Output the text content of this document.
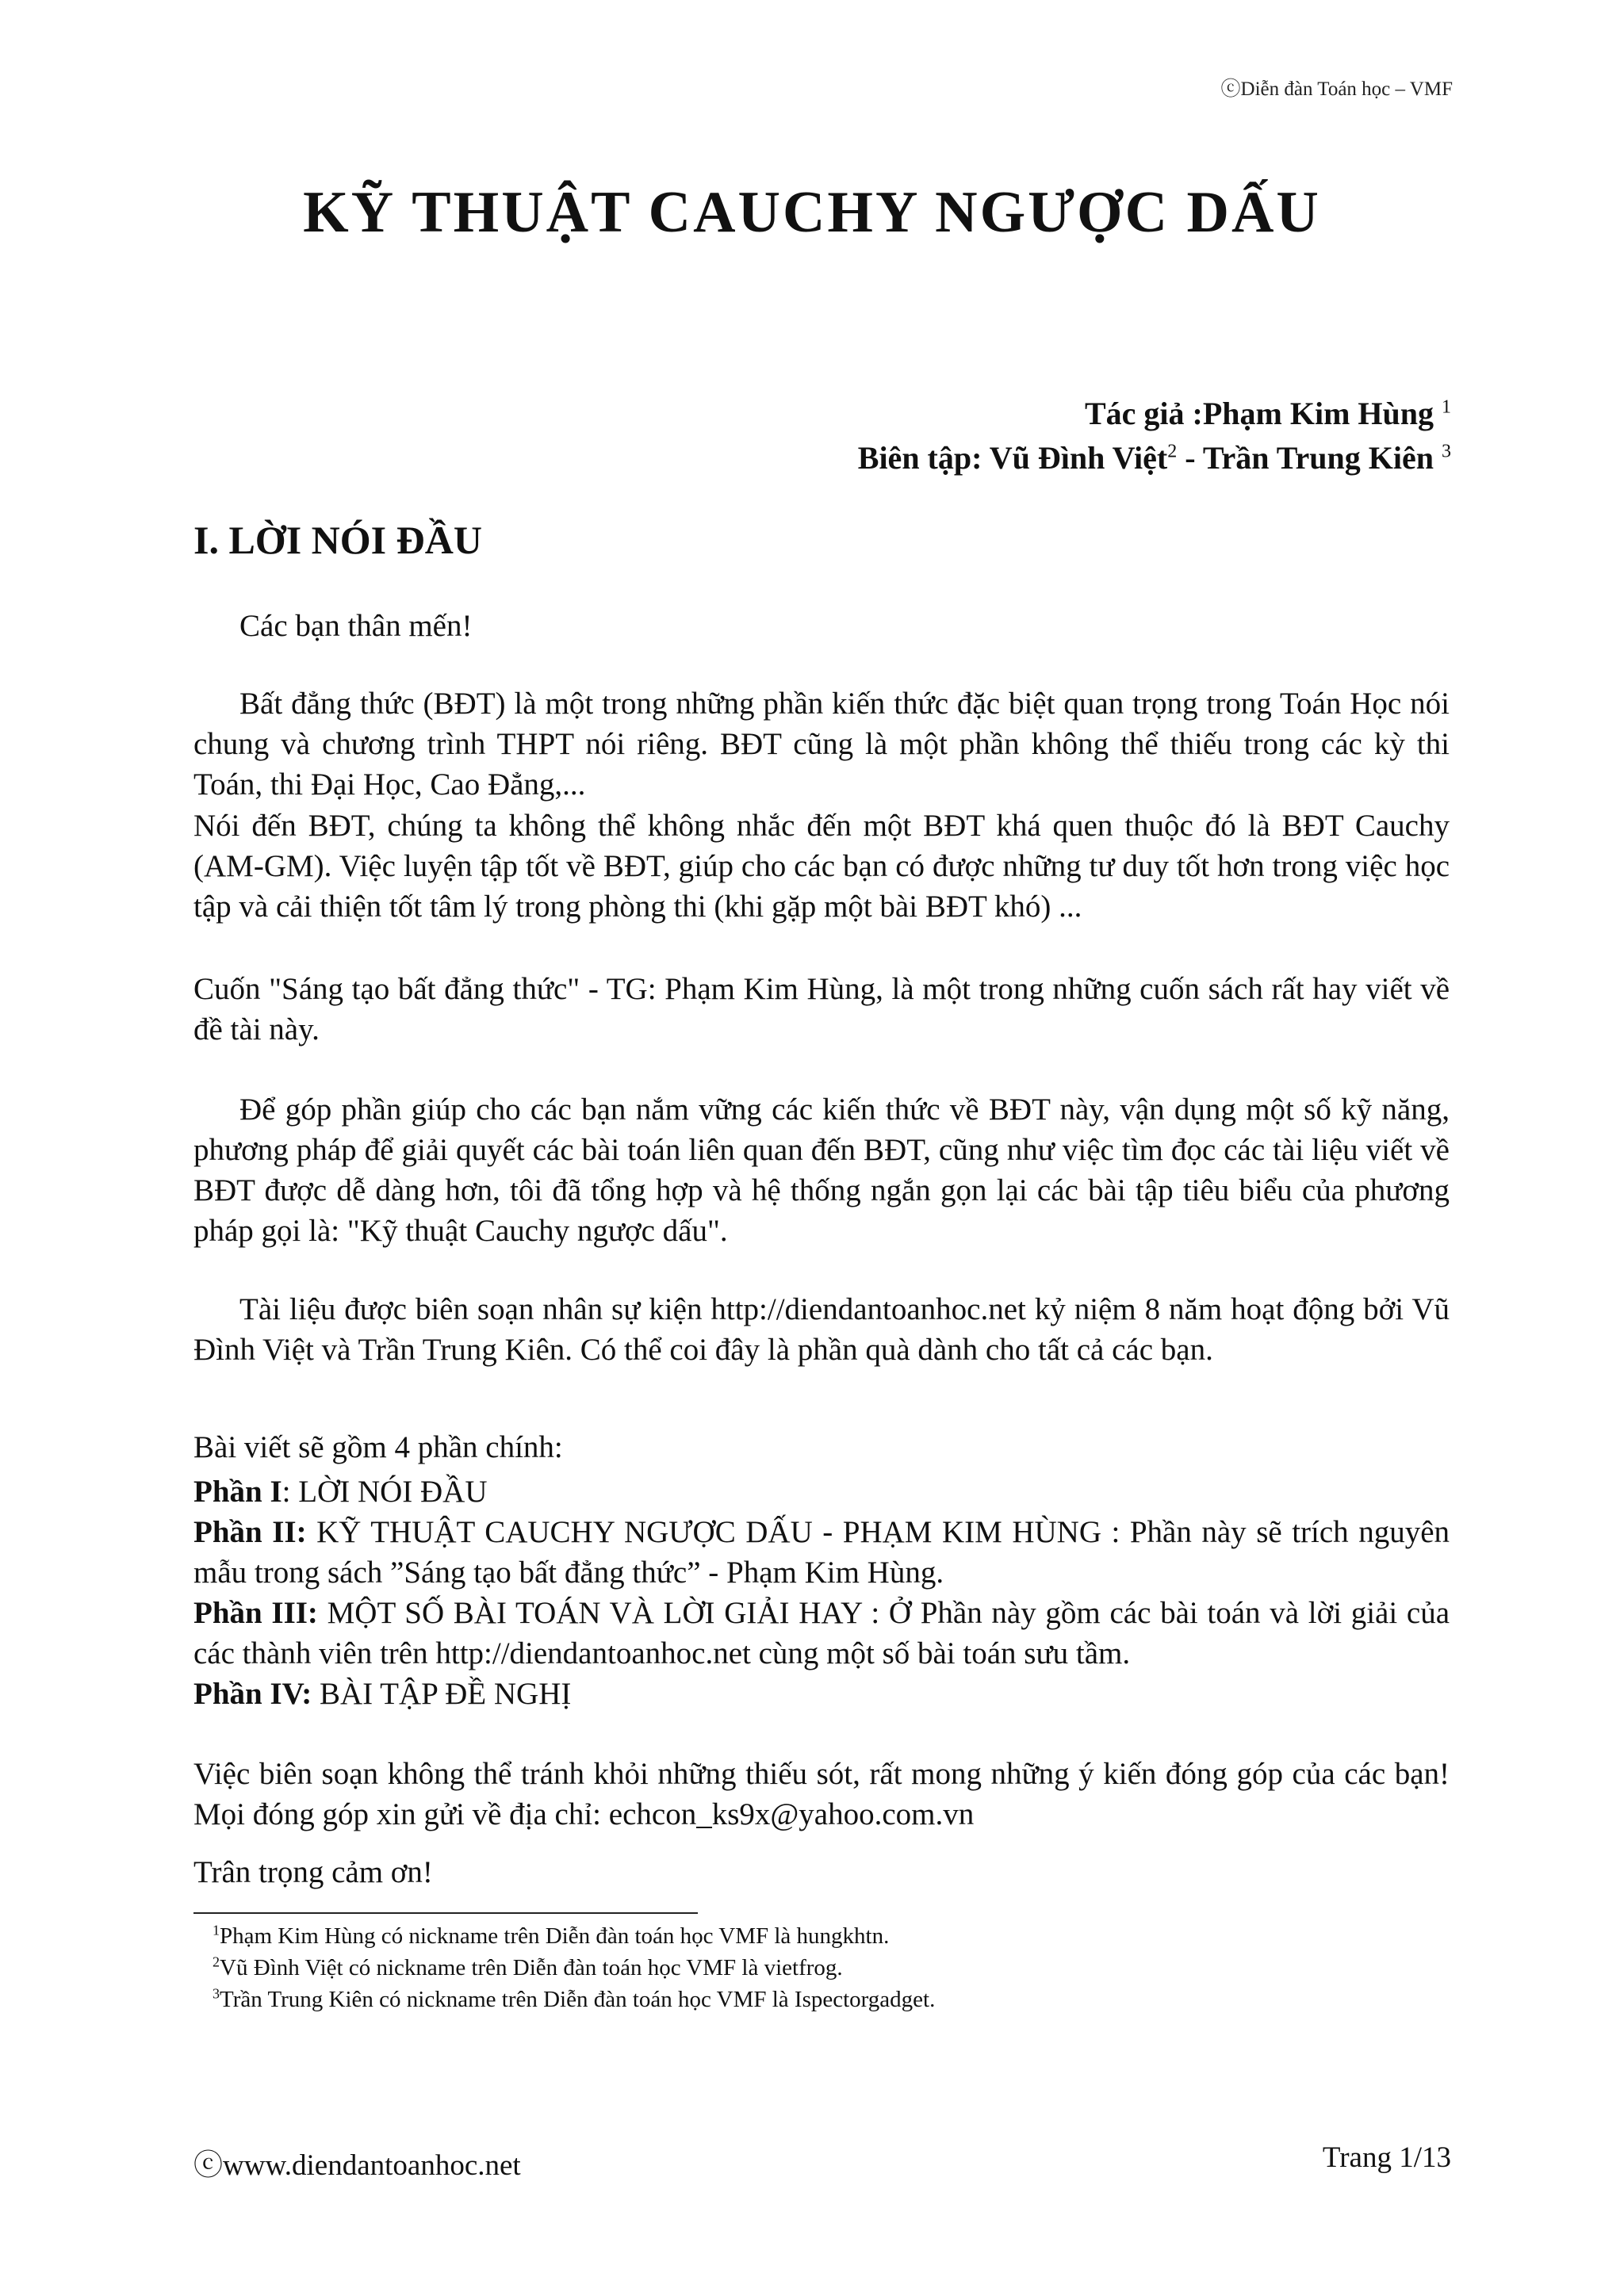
ⓒDiễn đàn Toán học – VMF
KỸ THUẬT CAUCHY NGƯỢC DẤU
Tác giả :Phạm Kim Hùng $^1$
Biên tập: Vũ Đình Việt$^2$ - Trần Trung Kiên $^3$
I. LỜI NÓI ĐẦU

Các bạn thân mến!

Bất đẳng thức (BĐT) là một trong những phần kiến thức đặc biệt quan trọng trong Toán Học nói chung và chương trình THPT nói riêng. BĐT cũng là một phần không thể thiếu trong các kỳ thi Toán, thi Đại Học, Cao Đẳng,...

Nói đến BĐT, chúng ta không thể không nhắc đến một BĐT khá quen thuộc đó là BĐT Cauchy (AM-GM). Việc luyện tập tốt về BĐT, giúp cho các bạn có được những tư duy tốt hơn trong việc học tập và cải thiện tốt tâm lý trong phòng thi (khi gặp một bài BĐT khó) ...

Cuốn "Sáng tạo bất đẳng thức" - TG: Phạm Kim Hùng, là một trong những cuốn sách rất hay viết về đề tài này.

Để góp phần giúp cho các bạn nắm vững các kiến thức về BĐT này, vận dụng một số kỹ năng, phương pháp để giải quyết các bài toán liên quan đến BĐT, cũng như việc tìm đọc các tài liệu viết về BĐT được dễ dàng hơn, tôi đã tổng hợp và hệ thống ngắn gọn lại các bài tập tiêu biểu của phương pháp gọi là: "Kỹ thuật Cauchy ngược dấu".

Tài liệu được biên soạn nhân sự kiện http://diendantoanhoc.net kỷ niệm 8 năm hoạt động bởi Vũ Đình Việt và Trần Trung Kiên. Có thể coi đây là phần quà dành cho tất cả các bạn.

Bài viết sẽ gồm 4 phần chính:

Phần I: LỜI NÓI ĐẦU

Phần II: KỸ THUẬT CAUCHY NGƯỢC DẤU - PHẠM KIM HÙNG : Phần này sẽ trích nguyên mẫu trong sách ”Sáng tạo bất đẳng thức” - Phạm Kim Hùng.

Phần III: MỘT SỐ BÀI TOÁN VÀ LỜI GIẢI HAY : Ở Phần này gồm các bài toán và lời giải của các thành viên trên http://diendantoanhoc.net cùng một số bài toán sưu tầm.

Phần IV: BÀI TẬP ĐỀ NGHỊ

Việc biên soạn không thể tránh khỏi những thiếu sót, rất mong những ý kiến đóng góp của các bạn! Mọi đóng góp xin gửi về địa chỉ: echcon_ks9x@yahoo.com.vn

Trân trọng cảm ơn!

$^1$Phạm Kim Hùng có nickname trên Diễn đàn toán học VMF là hungkhtn.
$^2$Vũ Đình Việt có nickname trên Diễn đàn toán học VMF là vietfrog.
$^3$Trần Trung Kiên có nickname trên Diễn đàn toán học VMF là Ispectorgadget.
ⓒwww.diendantoanhoc.net	Trang 1/13
